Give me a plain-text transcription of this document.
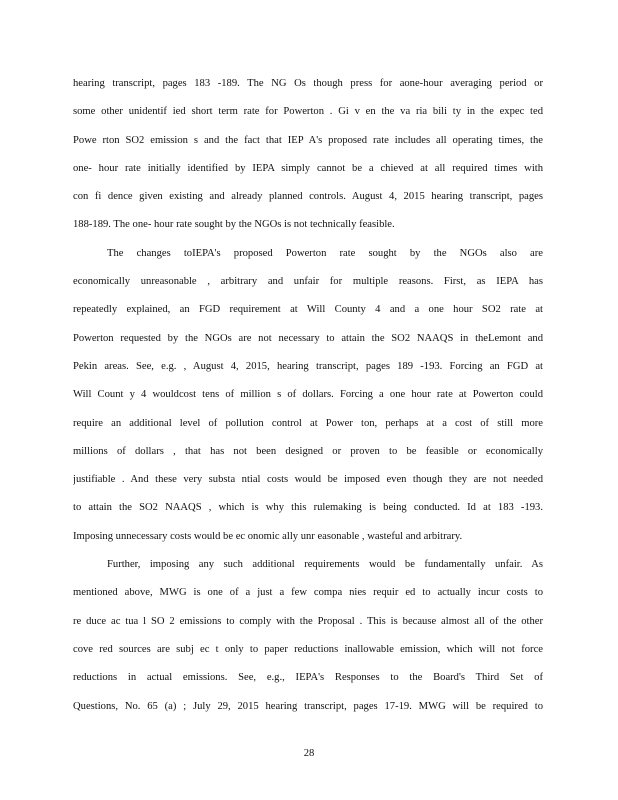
hearing transcript, pages 183 -189. The NG Os though press for aone-hour averaging period or
some other unidentif ied short term rate for Powerton . Gi v en the va ria bili ty in the expec ted
Powe rton SO2 emission s and the fact that IEP A's proposed rate includes all operating times, the
one- hour rate initially identified by IEPA simply cannot be a chieved at all required times with
con fi dence given existing and already planned controls. August 4, 2015 hearing transcript, pages
188-189. The one- hour rate sought by the NGOs is not technically feasible.
The changes toIEPA's proposed Powerton rate sought by the NGOs also are
economically unreasonable , arbitrary and unfair for multiple reasons. First, as IEPA has
repeatedly explained, an FGD requirement at Will County 4 and a one hour SO2 rate at
Powerton requested by the NGOs are not necessary to attain the SO2 NAAQS in theLemont and
Pekin areas. See, e.g. , August 4, 2015, hearing transcript, pages 189 -193. Forcing an FGD at
Will Count y 4 wouldcost tens of million s of dollars. Forcing a one hour rate at Powerton could
require an additional level of pollution control at Power ton, perhaps at a cost of still more
millions of dollars , that has not been designed or proven to be feasible or economically
justifiable . And these very substa ntial costs would be imposed even though they are not needed
to attain the SO2 NAAQS , which is why this rulemaking is being conducted. Id at 183 -193.
Imposing unnecessary costs would be ec onomic ally unr easonable , wasteful and arbitrary.
Further, imposing any such additional requirements would be fundamentally unfair. As
mentioned above, MWG is one of a just a few compa nies requir ed to actually incur costs to
re duce ac tua l SO 2 emissions to comply with the Proposal . This is because almost all of the other
cove red sources are subj ec t only to paper reductions inallowable emission, which will not force
reductions in actual emissions. See, e.g., IEPA's Responses to the Board's Third Set of
Questions, No. 65 (a) ; July 29, 2015 hearing transcript, pages 17-19. MWG will be required to
28
